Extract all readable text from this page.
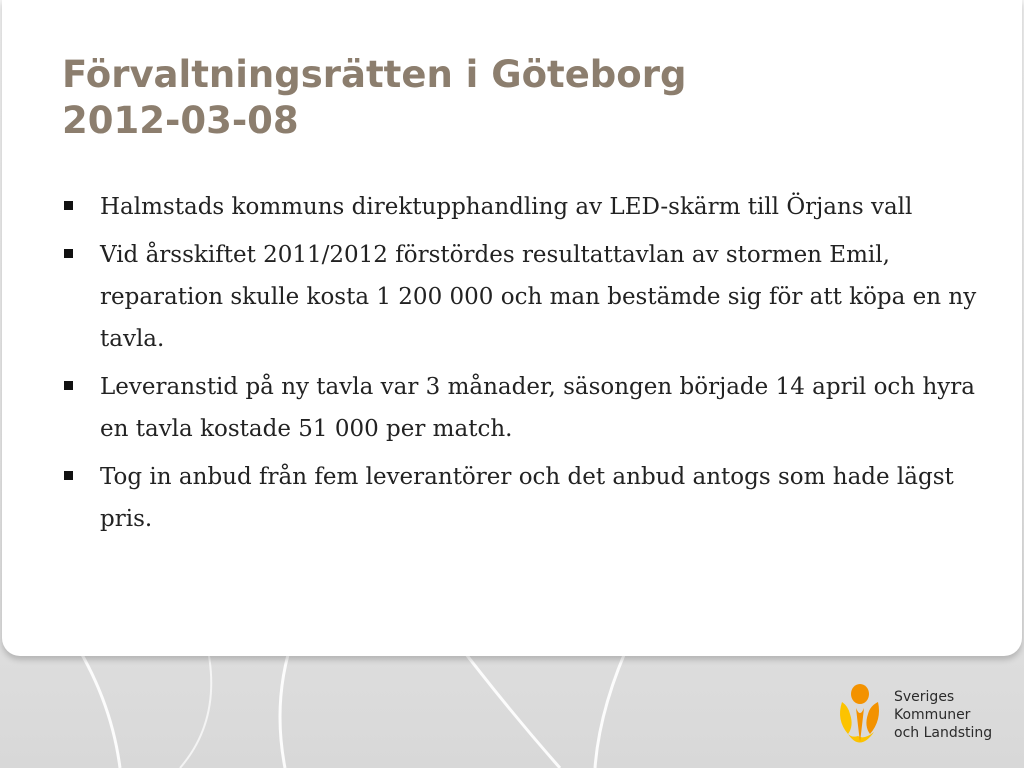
Förvaltningsrätten i Göteborg
2012-03-08
Halmstads kommuns direktupphandling av LED-skärm till Örjans vall
Vid årsskiftet 2011/2012 förstördes resultattavlan av stormen Emil, reparation skulle kosta 1 200 000 och man bestämde sig för att köpa en ny tavla.
Leveranstid på ny tavla var 3 månader, säsongen började 14 april och hyra en tavla kostade 51 000 per match.
Tog in anbud från fem leverantörer och det anbud antogs som hade lägst pris.
Sveriges
Kommuner
och Landsting
